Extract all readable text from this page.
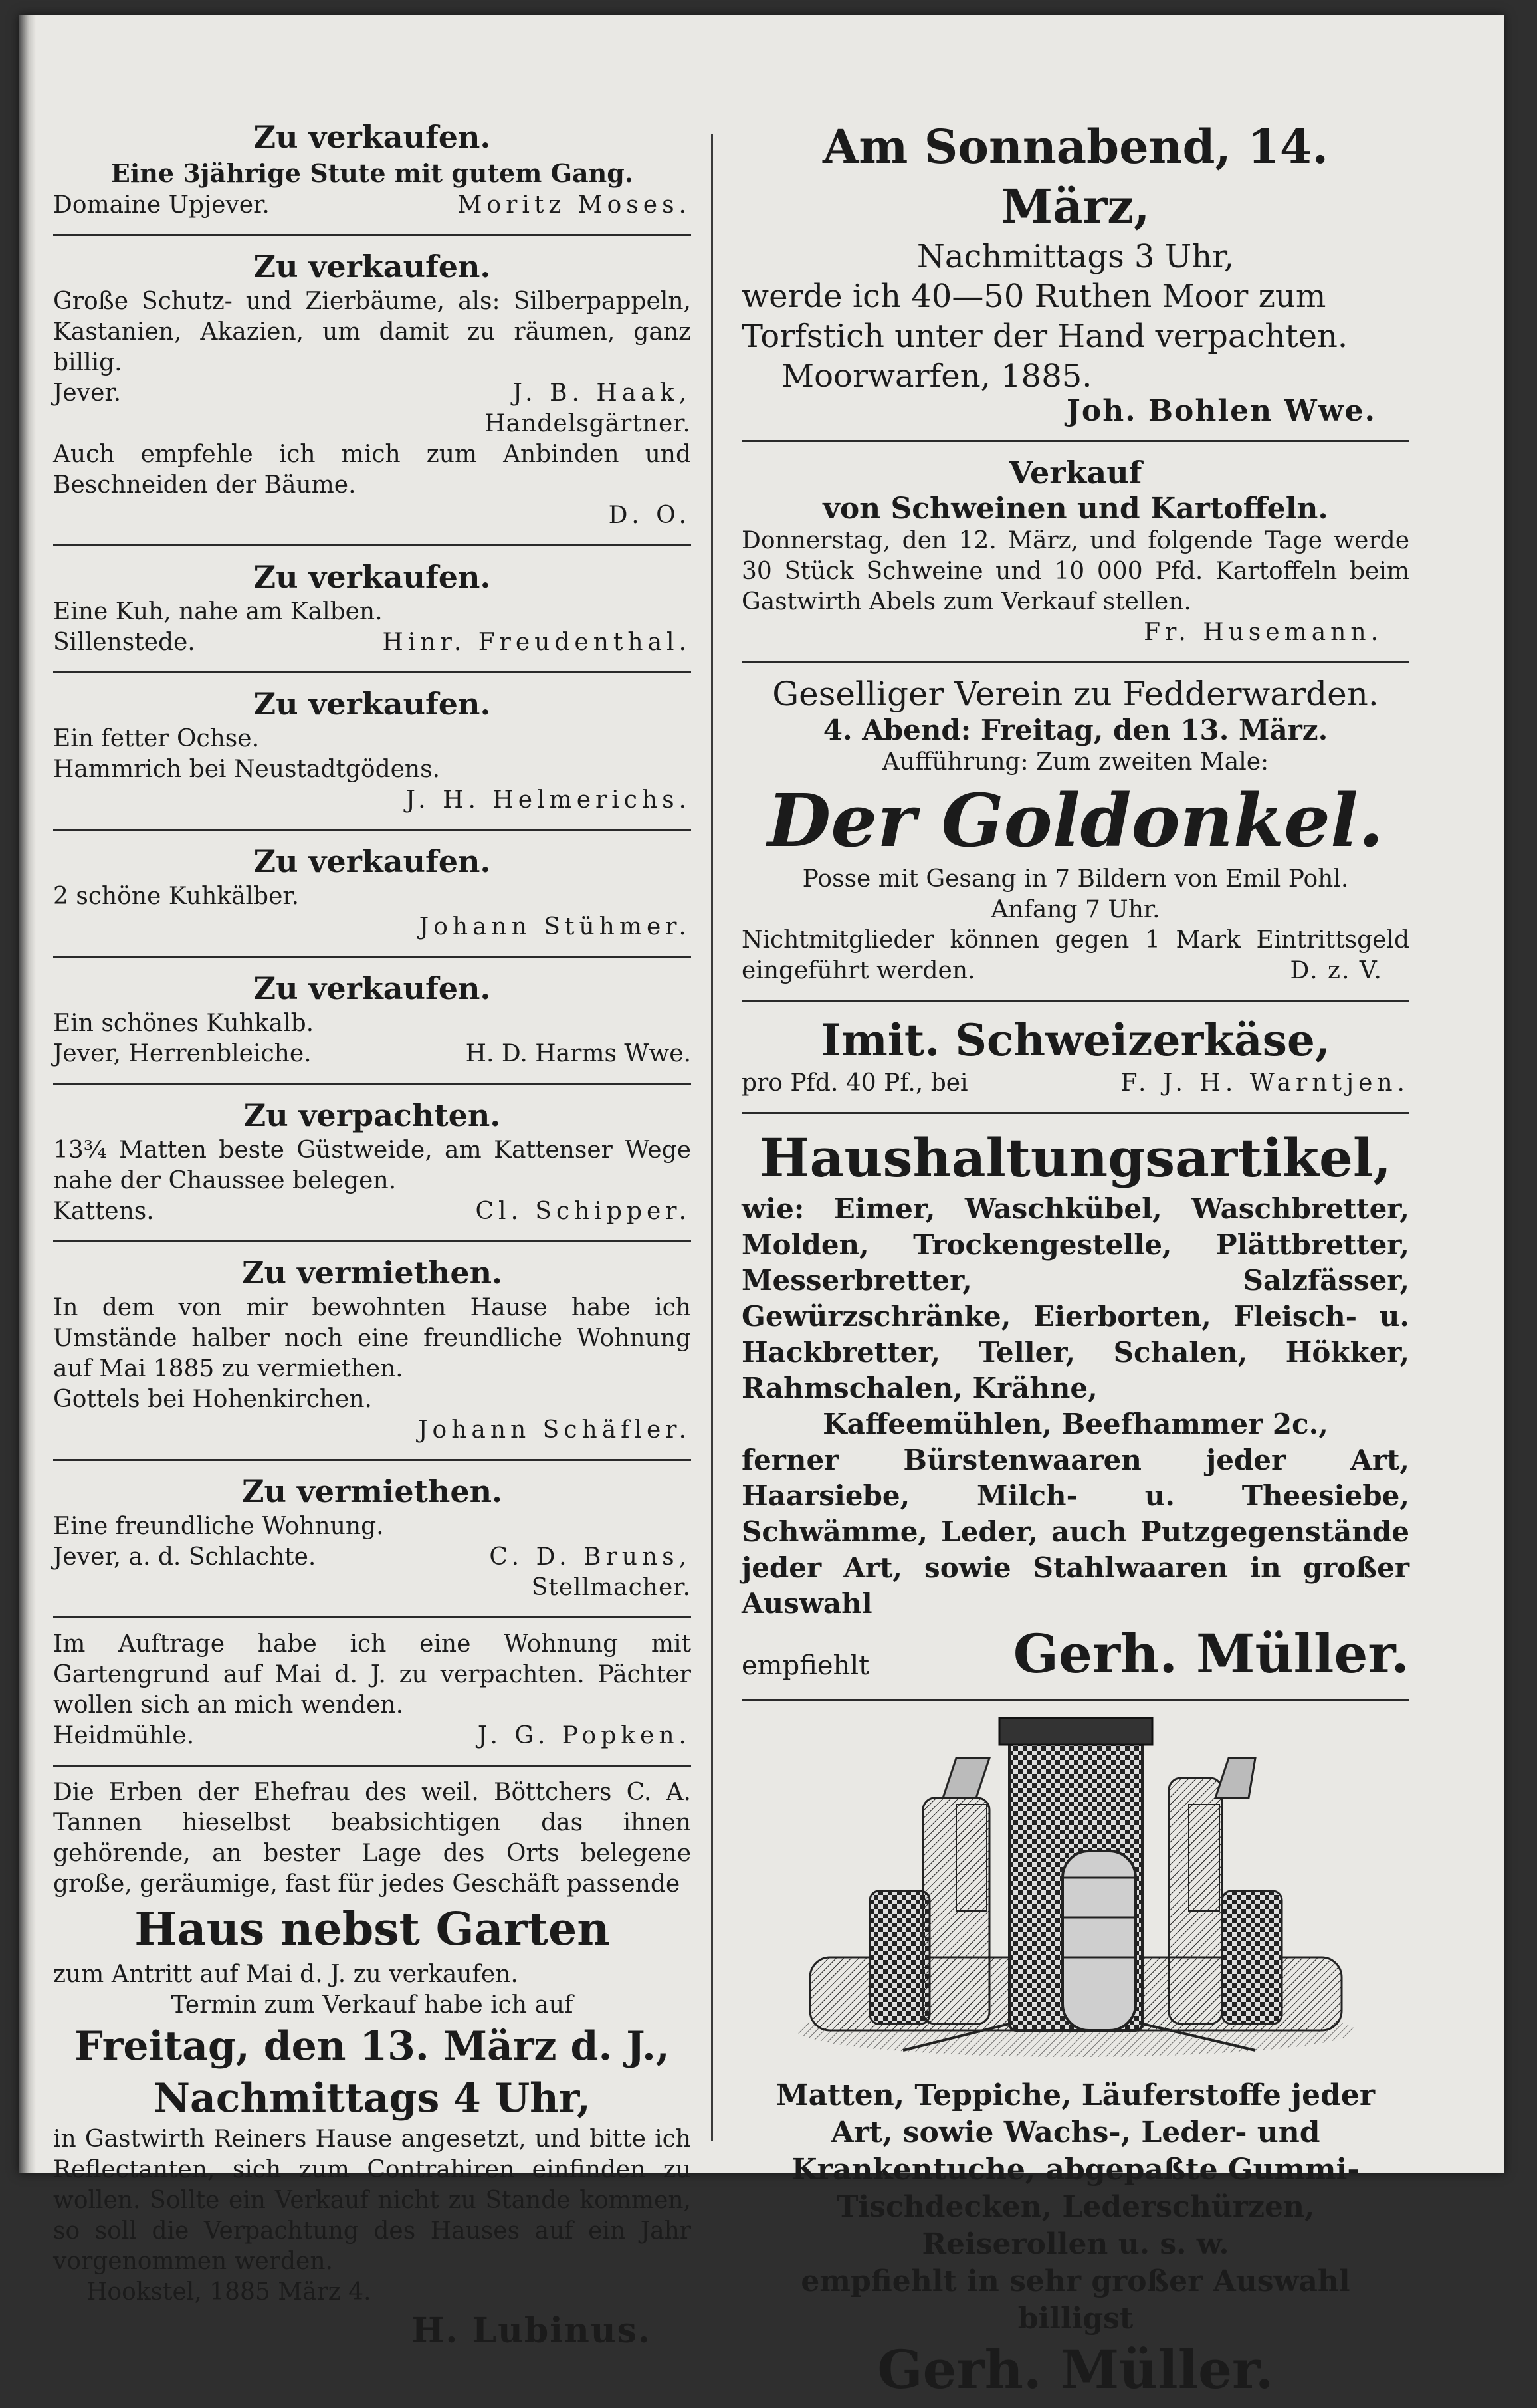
Zu verkaufen.

Eine 3jährige Stute mit gutem Gang.

Domaine Upjever.	Moritz Moses.

Zu verkaufen.

Große Schutz- und Zierbäume, als: Silberpappeln, Kastanien, Akazien, um damit zu räumen, ganz billig.

Jever.	J. B. Haak,

Handelsgärtner.

Auch empfehle ich mich zum Anbinden und Beschneiden der Bäume.

D. O.

Zu verkaufen.

Eine Kuh, nahe am Kalben.

Sillenstede.	Hinr. Freudenthal.

Zu verkaufen.

Ein fetter Ochse.

Hammrich bei Neustadtgödens.

J. H. Helmerichs.

Zu verkaufen.

2 schöne Kuhkälber.

Johann Stühmer.

Zu verkaufen.

Ein schönes Kuhkalb.

Jever, Herrenbleiche.	H. D. Harms Wwe.

Zu verpachten.

13¾ Matten beste Güstweide, am Kattenser Wege nahe der Chaussee belegen.

Kattens.	Cl. Schipper.

Zu vermiethen.

In dem von mir bewohnten Hause habe ich Umstände halber noch eine freundliche Wohnung auf Mai 1885 zu vermiethen.

Gottels bei Hohenkirchen.

Johann Schäfler.

Zu vermiethen.

Eine freundliche Wohnung.

Jever, a. d. Schlachte.	C. D. Bruns,

Stellmacher.

Im Auftrage habe ich eine Wohnung mit Gartengrund auf Mai d. J. zu verpachten. Pächter wollen sich an mich wenden.

Heidmühle.	J. G. Popken.

Die Erben der Ehefrau des weil. Böttchers C. A. Tannen hieselbst beabsichtigen das ihnen gehörende, an bester Lage des Orts belegene große, geräumige, fast für jedes Geschäft passende

Haus nebst Garten

zum Antritt auf Mai d. J. zu verkaufen.

Termin zum Verkauf habe ich auf

Freitag, den 13. März d. J.,

Nachmittags 4 Uhr,

in Gastwirth Reiners Hause angesetzt, und bitte ich Reflectanten, sich zum Contrahiren einfinden zu wollen. Sollte ein Verkauf nicht zu Stande kommen, so soll die Verpachtung des Hauses auf ein Jahr vorgenommen werden.

Hookstel, 1885 März 4.

H. Lubinus.

Am Sonnabend, 14. März,

Nachmittags 3 Uhr,

werde ich 40—50 Ruthen Moor zum Torfstich unter der Hand verpachten.

Moorwarfen, 1885.

Joh. Bohlen Wwe.

Verkauf

von Schweinen und Kartoffeln.

Donnerstag, den 12. März, und folgende Tage werde 30 Stück Schweine und 10 000 Pfd. Kartoffeln beim Gastwirth Abels zum Verkauf stellen.

Fr. Husemann.

Geselliger Verein zu Fedderwarden.

4. Abend: Freitag, den 13. März.

Aufführung: Zum zweiten Male:

Der Goldonkel.

Posse mit Gesang in 7 Bildern von Emil Pohl.

Anfang 7 Uhr.

Nichtmitglieder können gegen 1 Mark Eintrittsgeld eingeführt werden.	D. z. V.

Imit. Schweizerkäse,

pro Pfd. 40 Pf., bei	F. J. H. Warntjen.

Haushaltungsartikel,

wie: Eimer, Waschkübel, Waschbretter, Molden, Trockengestelle, Plättbretter, Messerbretter, Salzfässer, Gewürzschränke, Eierborten, Fleisch- u. Hackbretter, Teller, Schalen, Hökker, Rahmschalen, Krähne,

Kaffeemühlen, Beefhammer 2c.,

ferner Bürstenwaaren jeder Art, Haarsiebe, Milch- u. Theesiebe, Schwämme, Leder, auch Putzgegenstände jeder Art, sowie Stahlwaaren in großer Auswahl

empfiehlt	Gerh. Müller.

Matten, Teppiche, Läuferstoffe jeder Art, sowie Wachs-, Leder- und Krankentuche, abgepaßte Gummi-Tischdecken, Lederschürzen, Reiserollen u. s. w.

empfiehlt in sehr großer Auswahl billigst

Gerh. Müller.
